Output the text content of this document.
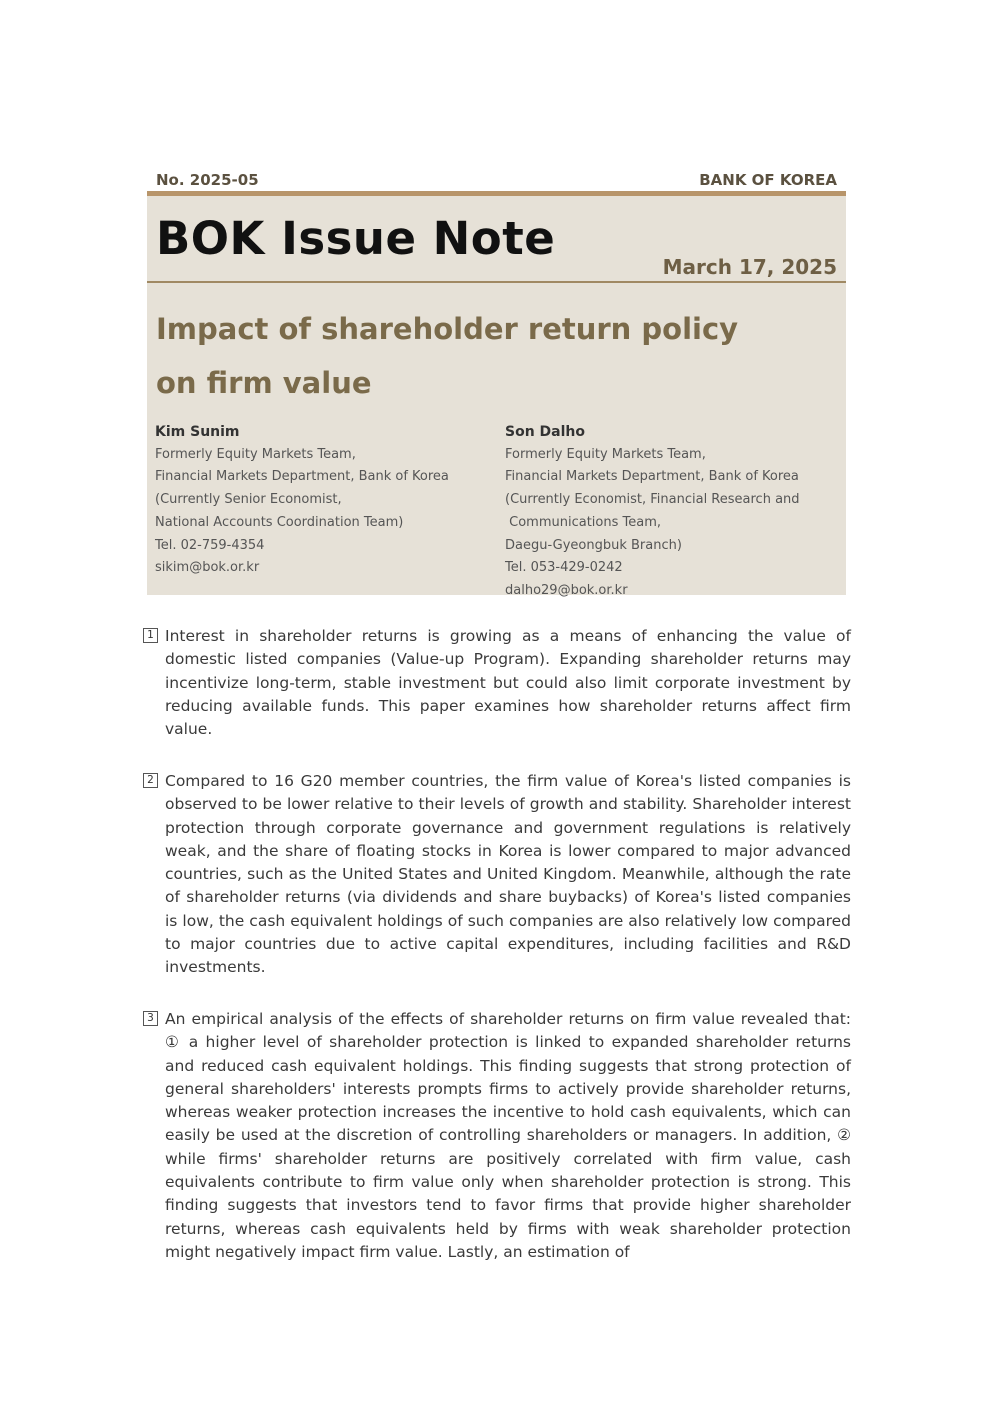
No. 2025-05	BANK OF KOREA
BOK Issue Note
March 17, 2025
Impact of shareholder return policy on firm value
Kim Sunim
Formerly Equity Markets Team,
Financial Markets Department, Bank of Korea
(Currently Senior Economist,
National Accounts Coordination Team)
Tel. 02-759-4354
sikim@bok.or.kr
Son Dalho
Formerly Equity Markets Team,
Financial Markets Department, Bank of Korea
(Currently Economist, Financial Research and
Communications Team,
Daegu-Gyeongbuk Branch)
Tel. 053-429-0242
dalho29@bok.or.kr
1 Interest in shareholder returns is growing as a means of enhancing the value of domestic listed companies (Value-up Program). Expanding shareholder returns may incentivize long-term, stable investment but could also limit corporate investment by reducing available funds. This paper examines how shareholder returns affect firm value.
2 Compared to 16 G20 member countries, the firm value of Korea's listed companies is observed to be lower relative to their levels of growth and stability. Shareholder interest protection through corporate governance and government regulations is relatively weak, and the share of floating stocks in Korea is lower compared to major advanced countries, such as the United States and United Kingdom. Meanwhile, although the rate of shareholder returns (via dividends and share buybacks) of Korea's listed companies is low, the cash equivalent holdings of such companies are also relatively low compared to major countries due to active capital expenditures, including facilities and R&D investments.
3 An empirical analysis of the effects of shareholder returns on firm value revealed that: ① a higher level of shareholder protection is linked to expanded shareholder returns and reduced cash equivalent holdings. This finding suggests that strong protection of general shareholders' interests prompts firms to actively provide shareholder returns, whereas weaker protection increases the incentive to hold cash equivalents, which can easily be used at the discretion of controlling shareholders or managers. In addition, ② while firms' shareholder returns are positively correlated with firm value, cash equivalents contribute to firm value only when shareholder protection is strong. This finding suggests that investors tend to favor firms that provide higher shareholder returns, whereas cash equivalents held by firms with weak shareholder protection might negatively impact firm value. Lastly, an estimation of
